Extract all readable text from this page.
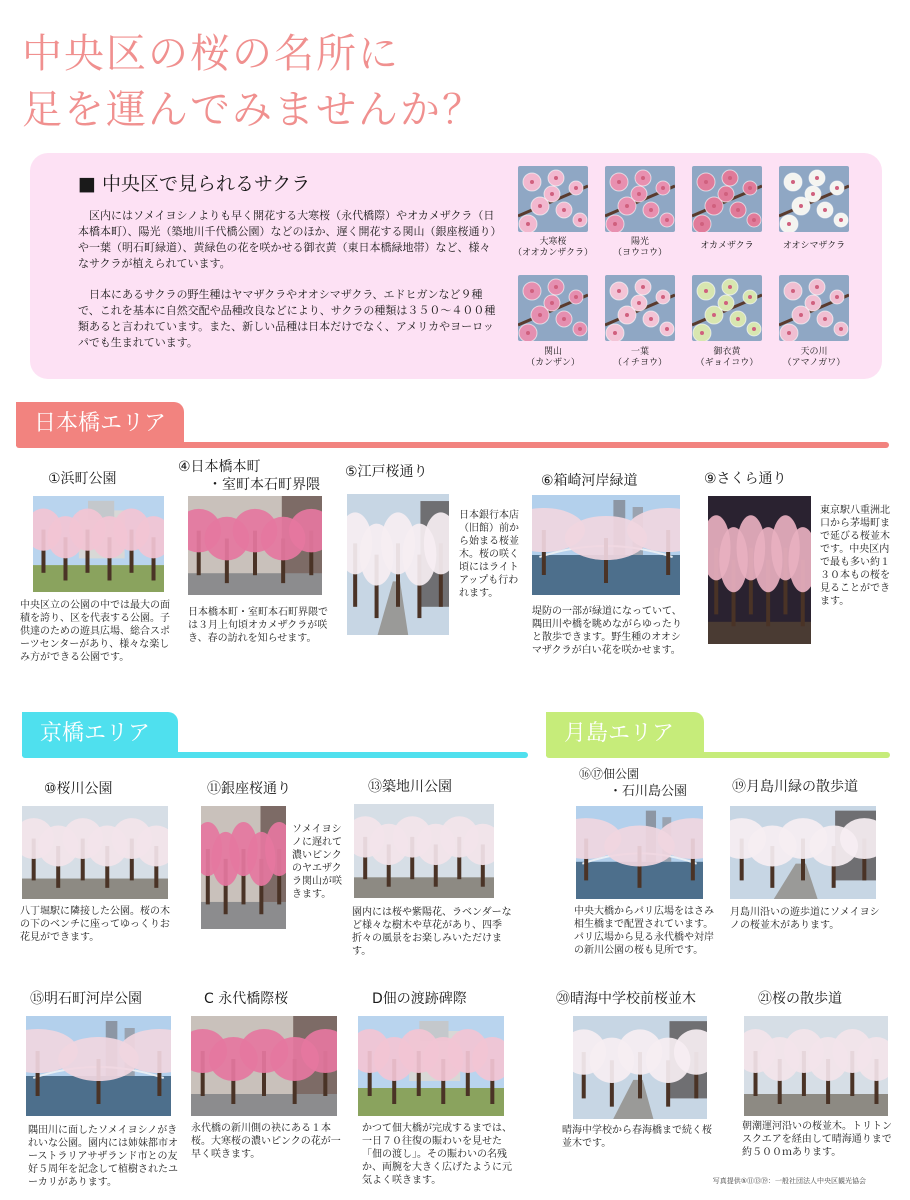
中央区の桜の名所に
足を運んでみませんか？
■ 中央区で見られるサクラ
区内にはソメイヨシノよりも早く開花する大寒桜（永代橋際）やオカメザクラ（日本橋本町）、陽光（築地川千代橋公園）などのほか、遅く開花する関山（銀座桜通り）や一葉（明石町緑道）、黄緑色の花を咲かせる御衣黄（東日本橋緑地帯）など、様々なサクラが植えられています。
日本にあるサクラの野生種はヤマザクラやオオシマザクラ、エドヒガンなど９種で、これを基本に自然交配や品種改良などにより、サクラの種類は３５０～４００種類あると言われています。また、新しい品種は日本だけでなく、アメリカやヨーロッパでも生まれています。
大寒桜
（オオカンザクラ）
陽光
（ヨウコウ）
オカメザクラ	オオシマザクラ
関山
（カンザン）
一葉
（イチヨウ）
御衣黄
（ギョイコウ）
天の川
（アマノガワ）
日本橋エリア
①浜町公園
中央区立の公園の中では最大の面積を誇り、区を代表する公園。子供達のための遊具広場、総合スポーツセンターがあり、様々な楽しみ方ができる公園です。
④日本橋本町
・室町本石町界隈
日本橋本町・室町本石町界隈では３月上旬頃オカメザクラが咲き、春の訪れを知らせます。
⑤江戸桜通り
日本銀行本店（旧館）前から始まる桜並木。桜の咲く頃にはライトアップも行われます。
⑥箱崎河岸緑道
堤防の一部が緑道になっていて、隅田川や橋を眺めながらゆったりと散歩できます。野生種のオオシマザクラが白い花を咲かせます。
⑨さくら通り
東京駅八重洲北口から茅場町まで延びる桜並木です。中央区内で最も多い約１３０本もの桜を見ることができます。
京橋エリア	月島エリア
⑩桜川公園
八丁堀駅に隣接した公園。桜の木の下のベンチに座ってゆっくりお花見ができます。
⑪銀座桜通り
ソメイヨシノに遅れて濃いピンクのヤエザクラ関山が咲きます。
⑬築地川公園
園内には桜や紫陽花、ラベンダーなど様々な樹木や草花があり、四季折々の風景をお楽しみいただけます。
⑯⑰佃公園
・石川島公園
中央大橋からパリ広場をはさみ相生橋まで配置されています。パリ広場から見る永代橋や対岸の新川公園の桜も見所です。
⑲月島川緑の散歩道
月島川沿いの遊歩道にソメイヨシノの桜並木があります。
⑮明石町河岸公園
隅田川に面したソメイヨシノがきれいな公園。園内には姉妹都市オーストラリアサザランド市との友好５周年を記念して植樹されたユーカリがあります。
C 永代橋際桜
永代橋の新川側の袂にある１本桜。大寒桜の濃いピンクの花が一早く咲きます。
D佃の渡跡碑際
かつて佃大橋が完成するまでは、一日７０往復の賑わいを見せた「佃の渡し」。その賑わいの名残か、両腕を大きく広げたように元気よく咲きます。
⑳晴海中学校前桜並木
晴海中学校から春海橋まで続く桜並木です。
㉑桜の散歩道
朝潮運河沿いの桜並木。トリトンスクエアを経由して晴海通りまで約５００ｍあります。
写真提供⑤⑪⑬⑲：一般社団法人中央区観光協会
